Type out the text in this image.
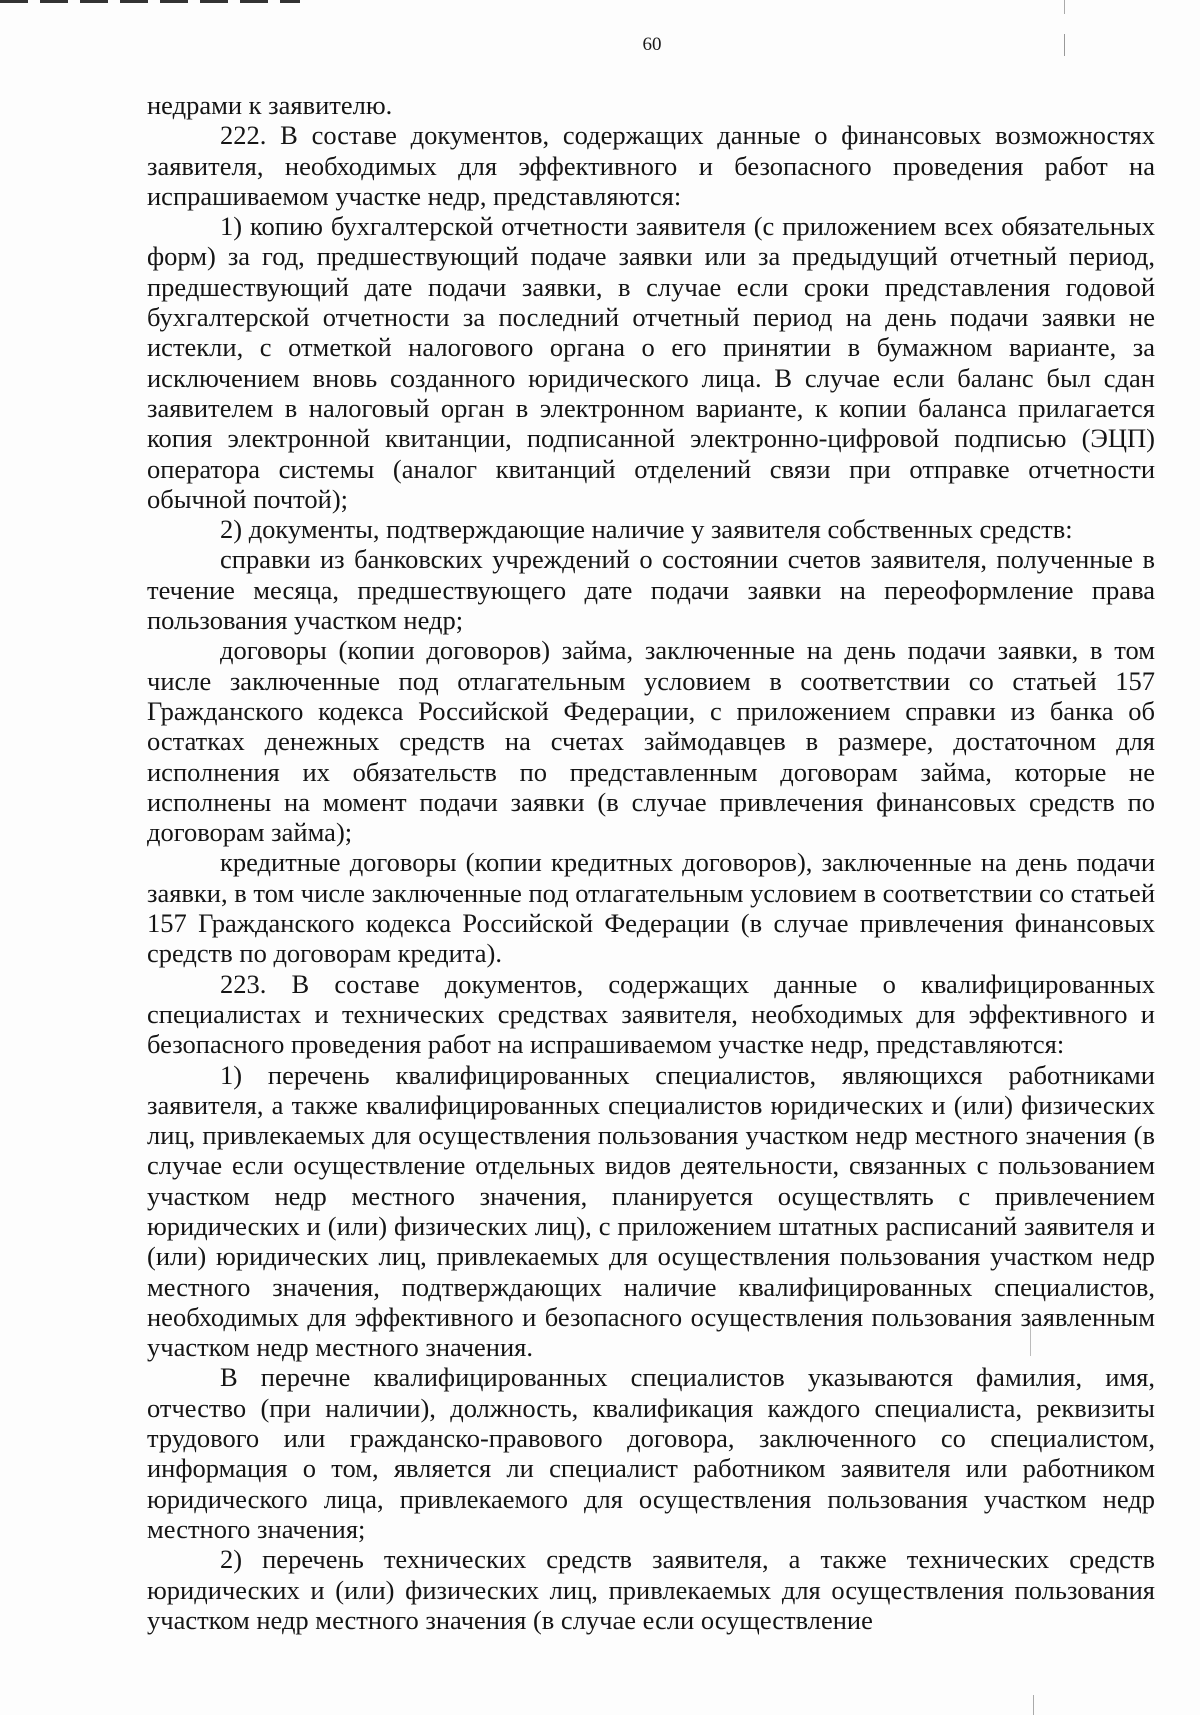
60

недрами к заявителю.

222. В составе документов, содержащих данные о финансовых возможностях заявителя, необходимых для эффективного и безопасного проведения работ на испрашиваемом участке недр, представляются:

1) копию бухгалтерской отчетности заявителя (с приложением всех обязательных форм) за год, предшествующий подаче заявки или за предыдущий отчетный период, предшествующий дате подачи заявки, в случае если сроки представления годовой бухгалтерской отчетности за последний отчетный период на день подачи заявки не истекли, с отметкой налогового органа о его принятии в бумажном варианте, за исключением вновь созданного юридического лица. В случае если баланс был сдан заявителем в налоговый орган в электронном варианте, к копии баланса прилагается копия электронной квитанции, подписанной электронно-цифровой подписью (ЭЦП) оператора системы (аналог квитанций отделений связи при отправке отчетности обычной почтой);

2) документы, подтверждающие наличие у заявителя собственных средств:

справки из банковских учреждений о состоянии счетов заявителя, полученные в течение месяца, предшествующего дате подачи заявки на переоформление права пользования участком недр;

договоры (копии договоров) займа, заключенные на день подачи заявки, в том числе заключенные под отлагательным условием в соответствии со статьей 157 Гражданского кодекса Российской Федерации, с приложением справки из банка об остатках денежных средств на счетах займодавцев в размере, достаточном для исполнения их обязательств по представленным договорам займа, которые не исполнены на момент подачи заявки (в случае привлечения финансовых средств по договорам займа);

кредитные договоры (копии кредитных договоров), заключенные на день подачи заявки, в том числе заключенные под отлагательным условием в соответствии со статьей 157 Гражданского кодекса Российской Федерации (в случае привлечения финансовых средств по договорам кредита).

223. В составе документов, содержащих данные о квалифицированных специалистах и технических средствах заявителя, необходимых для эффективного и безопасного проведения работ на испрашиваемом участке недр, представляются:

1) перечень квалифицированных специалистов, являющихся работниками заявителя, а также квалифицированных специалистов юридических и (или) физических лиц, привлекаемых для осуществления пользования участком недр местного значения (в случае если осуществление отдельных видов деятельности, связанных с пользованием участком недр местного значения, планируется осуществлять с привлечением юридических и (или) физических лиц), с приложением штатных расписаний заявителя и (или) юридических лиц, привлекаемых для осуществления пользования участком недр местного значения, подтверждающих наличие квалифицированных специалистов, необходимых для эффективного и безопасного осуществления пользования заявленным участком недр местного значения.

В перечне квалифицированных специалистов указываются фамилия, имя, отчество (при наличии), должность, квалификация каждого специалиста, реквизиты трудового или гражданско-правового договора, заключенного со специалистом, информация о том, является ли специалист работником заявителя или работником юридического лица, привлекаемого для осуществления пользования участком недр местного значения;

2) перечень технических средств заявителя, а также технических средств юридических и (или) физических лиц, привлекаемых для осуществления пользования участком недр местного значения (в случае если осуществление
